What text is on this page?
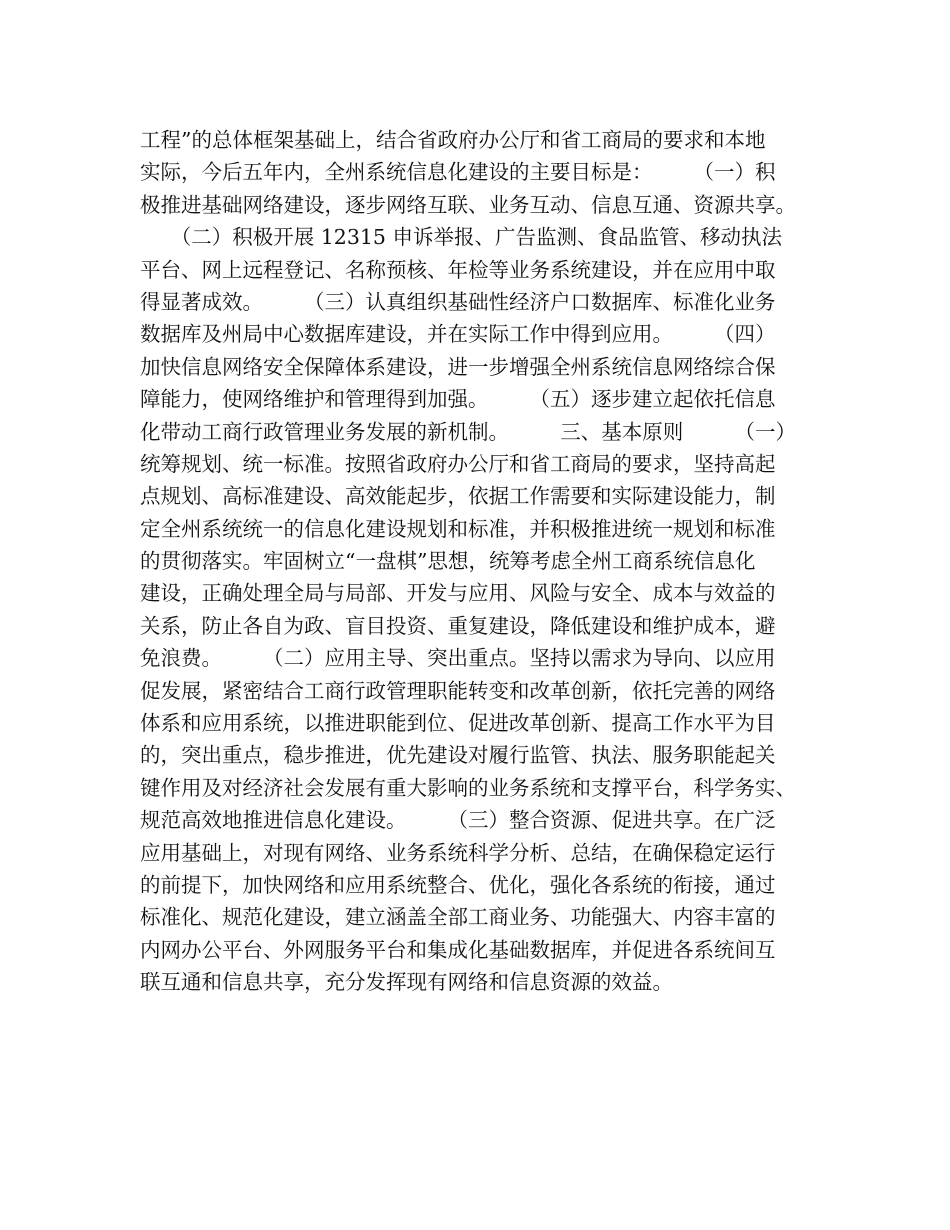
工程”的总体框架基础上，结合省政府办公厅和省工商局的要求和本地
实际，今后五年内，全州系统信息化建设的主要目标是：　　　（一）积
极推进基础网络建设，逐步网络互联、业务互动、信息互通、资源共享。
　　（二）积极开展 12315 申诉举报、广告监测、食品监管、移动执法
平台、网上远程登记、名称预核、年检等业务系统建设，并在应用中取
得显著成效。　　　（三）认真组织基础性经济户口数据库、标准化业务
数据库及州局中心数据库建设，并在实际工作中得到应用。　　　（四）
加快信息网络安全保障体系建设，进一步增强全州系统信息网络综合保
障能力，使网络维护和管理得到加强。　　　（五）逐步建立起依托信息
化带动工商行政管理业务发展的新机制。　　　三、基本原则　　　（一）
统筹规划、统一标准。按照省政府办公厅和省工商局的要求，坚持高起
点规划、高标准建设、高效能起步，依据工作需要和实际建设能力，制
定全州系统统一的信息化建设规划和标准，并积极推进统一规划和标准
的贯彻落实。牢固树立“一盘棋”思想，统筹考虑全州工商系统信息化
建设，正确处理全局与局部、开发与应用、风险与安全、成本与效益的
关系，防止各自为政、盲目投资、重复建设，降低建设和维护成本，避
免浪费。　　　（二）应用主导、突出重点。坚持以需求为导向、以应用
促发展，紧密结合工商行政管理职能转变和改革创新，依托完善的网络
体系和应用系统，以推进职能到位、促进改革创新、提高工作水平为目
的，突出重点，稳步推进，优先建设对履行监管、执法、服务职能起关
键作用及对经济社会发展有重大影响的业务系统和支撑平台，科学务实、
规范高效地推进信息化建设。　　　（三）整合资源、促进共享。在广泛
应用基础上，对现有网络、业务系统科学分析、总结，在确保稳定运行
的前提下，加快网络和应用系统整合、优化，强化各系统的衔接，通过
标准化、规范化建设，建立涵盖全部工商业务、功能强大、内容丰富的
内网办公平台、外网服务平台和集成化基础数据库，并促进各系统间互
联互通和信息共享，充分发挥现有网络和信息资源的效益。
